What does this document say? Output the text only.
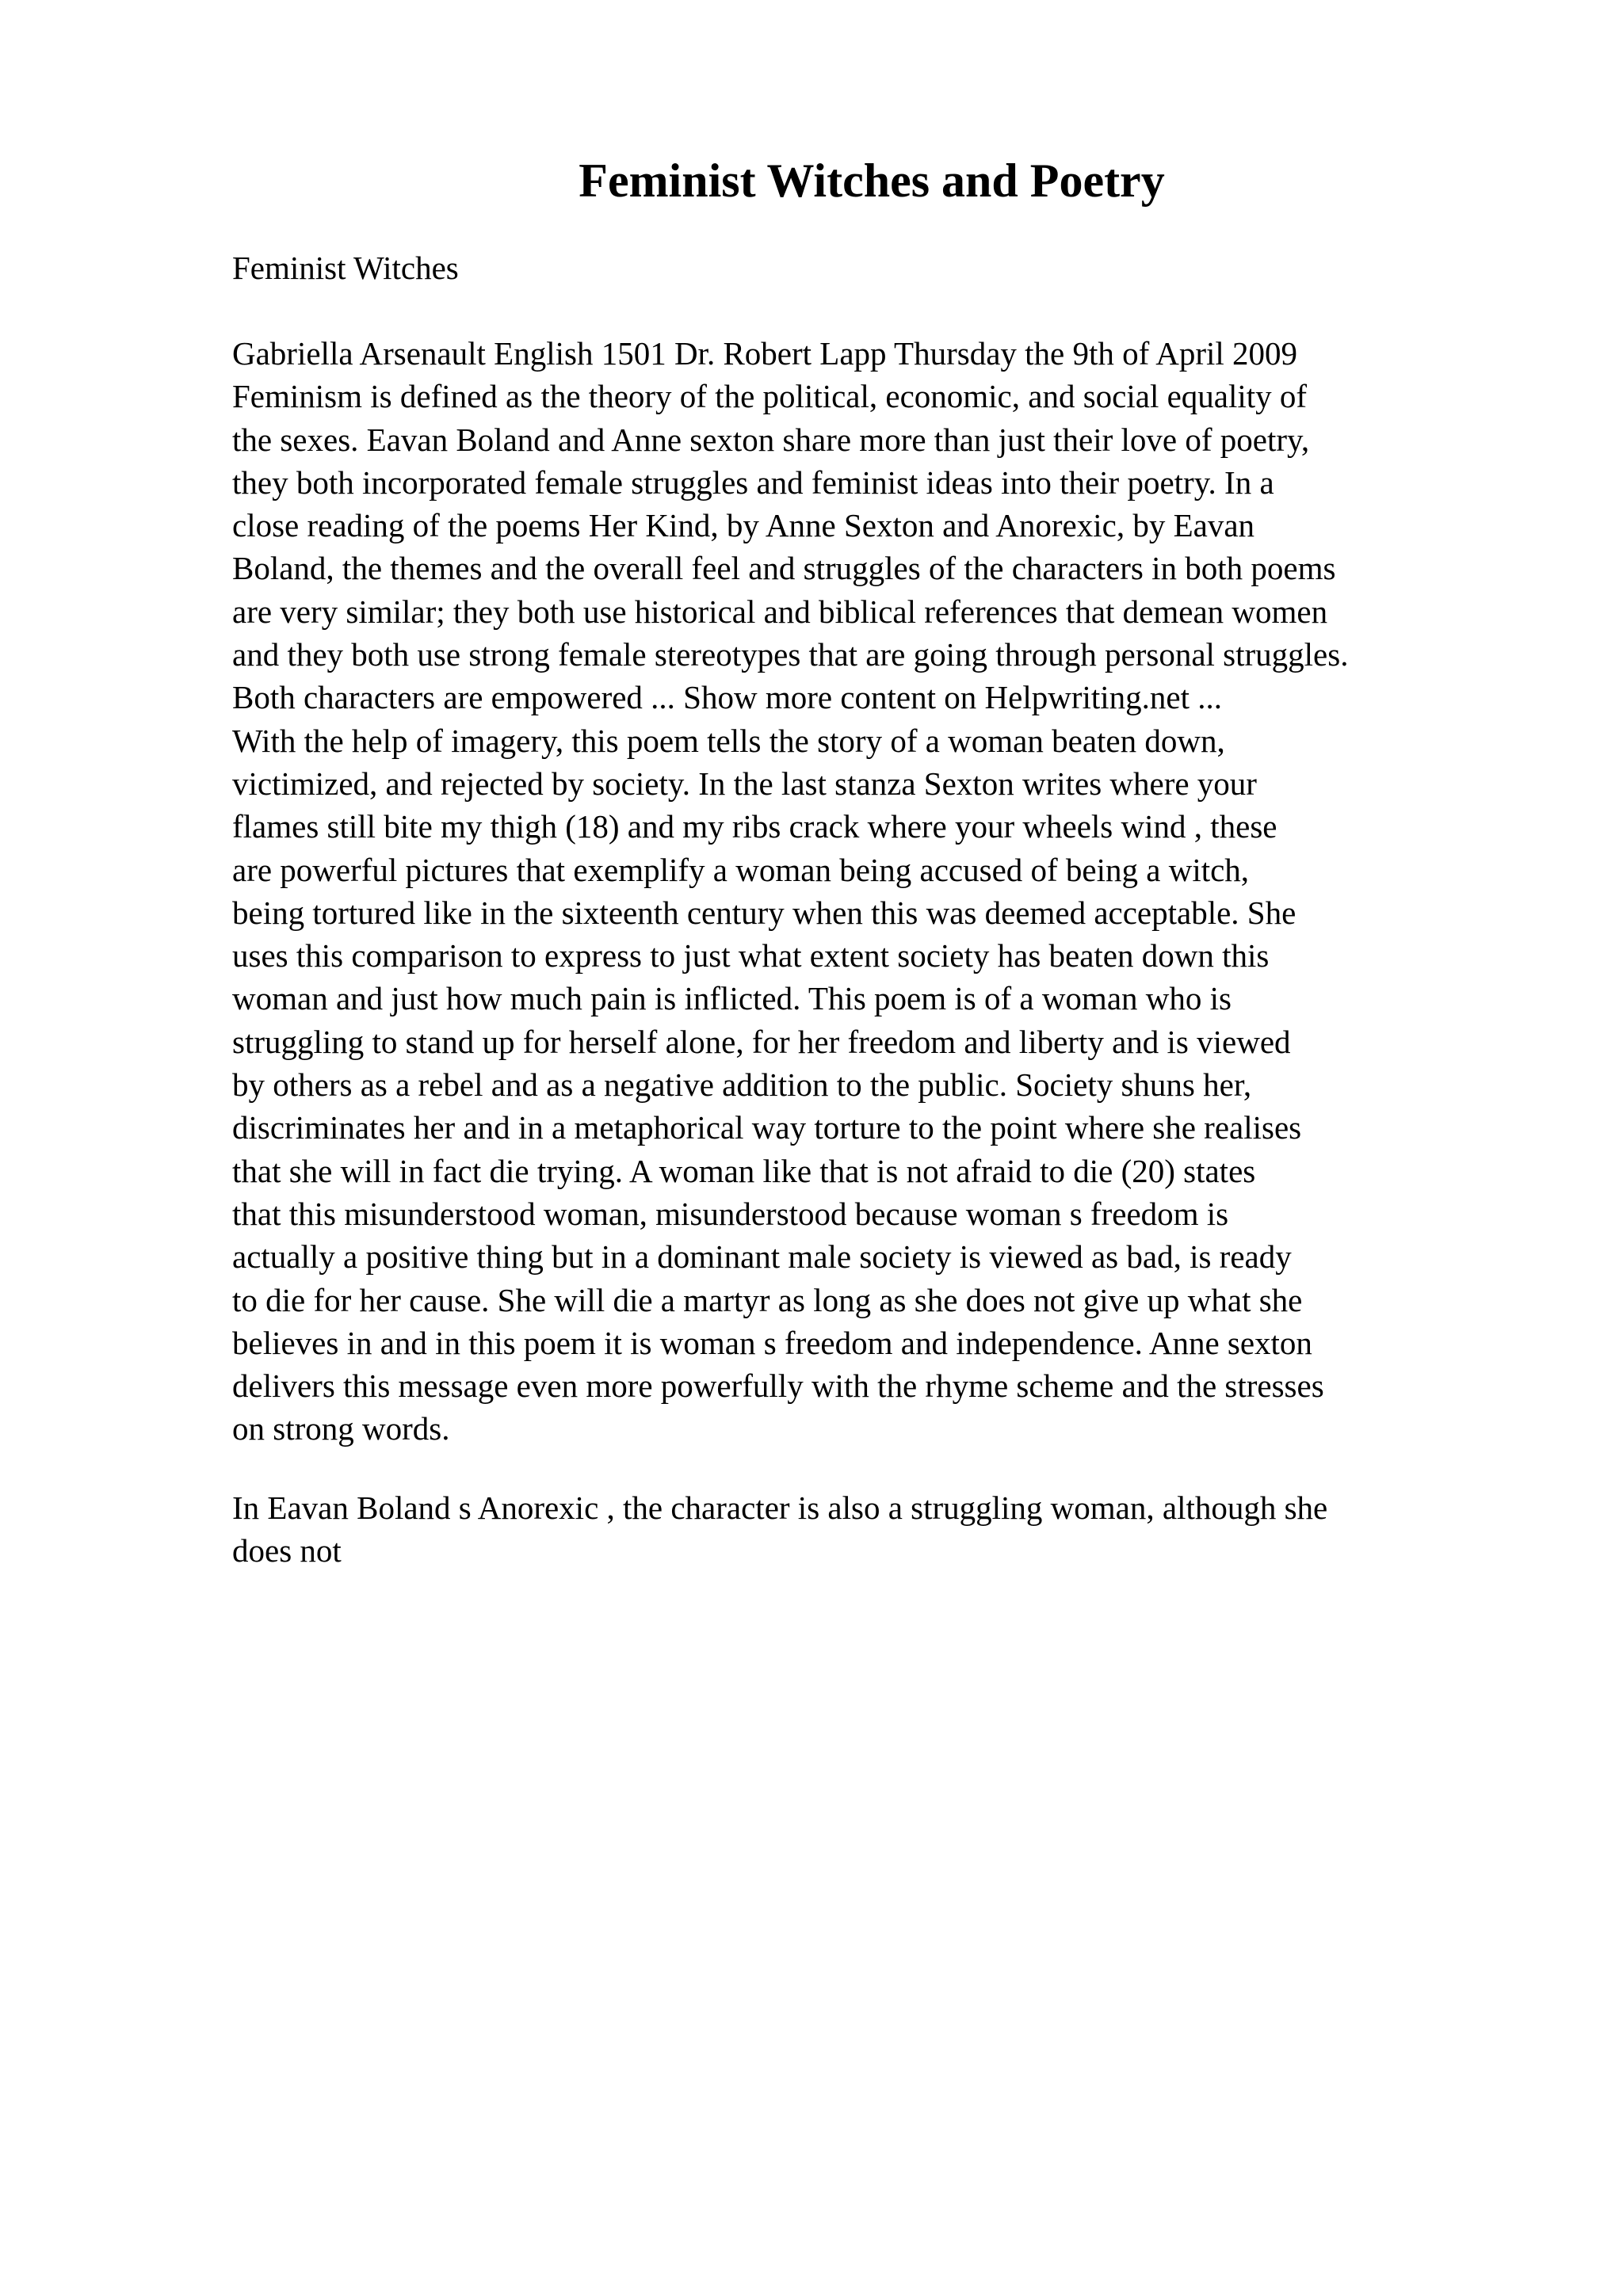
Feminist Witches and Poetry
Feminist Witches
Gabriella Arsenault English 1501 Dr. Robert Lapp Thursday the 9th of April 2009
Feminism is defined as the theory of the political, economic, and social equality of
the sexes. Eavan Boland and Anne sexton share more than just their love of poetry,
they both incorporated female struggles and feminist ideas into their poetry. In a
close reading of the poems Her Kind, by Anne Sexton and Anorexic, by Eavan
Boland, the themes and the overall feel and struggles of the characters in both poems
are very similar; they both use historical and biblical references that demean women
and they both use strong female stereotypes that are going through personal struggles.
Both characters are empowered ... Show more content on Helpwriting.net ...
With the help of imagery, this poem tells the story of a woman beaten down,
victimized, and rejected by society. In the last stanza Sexton writes where your
flames still bite my thigh (18) and my ribs crack where your wheels wind , these
are powerful pictures that exemplify a woman being accused of being a witch,
being tortured like in the sixteenth century when this was deemed acceptable. She
uses this comparison to express to just what extent society has beaten down this
woman and just how much pain is inflicted. This poem is of a woman who is
struggling to stand up for herself alone, for her freedom and liberty and is viewed
by others as a rebel and as a negative addition to the public. Society shuns her,
discriminates her and in a metaphorical way torture to the point where she realises
that she will in fact die trying. A woman like that is not afraid to die (20) states
that this misunderstood woman, misunderstood because woman s freedom is
actually a positive thing but in a dominant male society is viewed as bad, is ready
to die for her cause. She will die a martyr as long as she does not give up what she
believes in and in this poem it is woman s freedom and independence. Anne sexton
delivers this message even more powerfully with the rhyme scheme and the stresses
on strong words.
In Eavan Boland s Anorexic , the character is also a struggling woman, although she
does not
